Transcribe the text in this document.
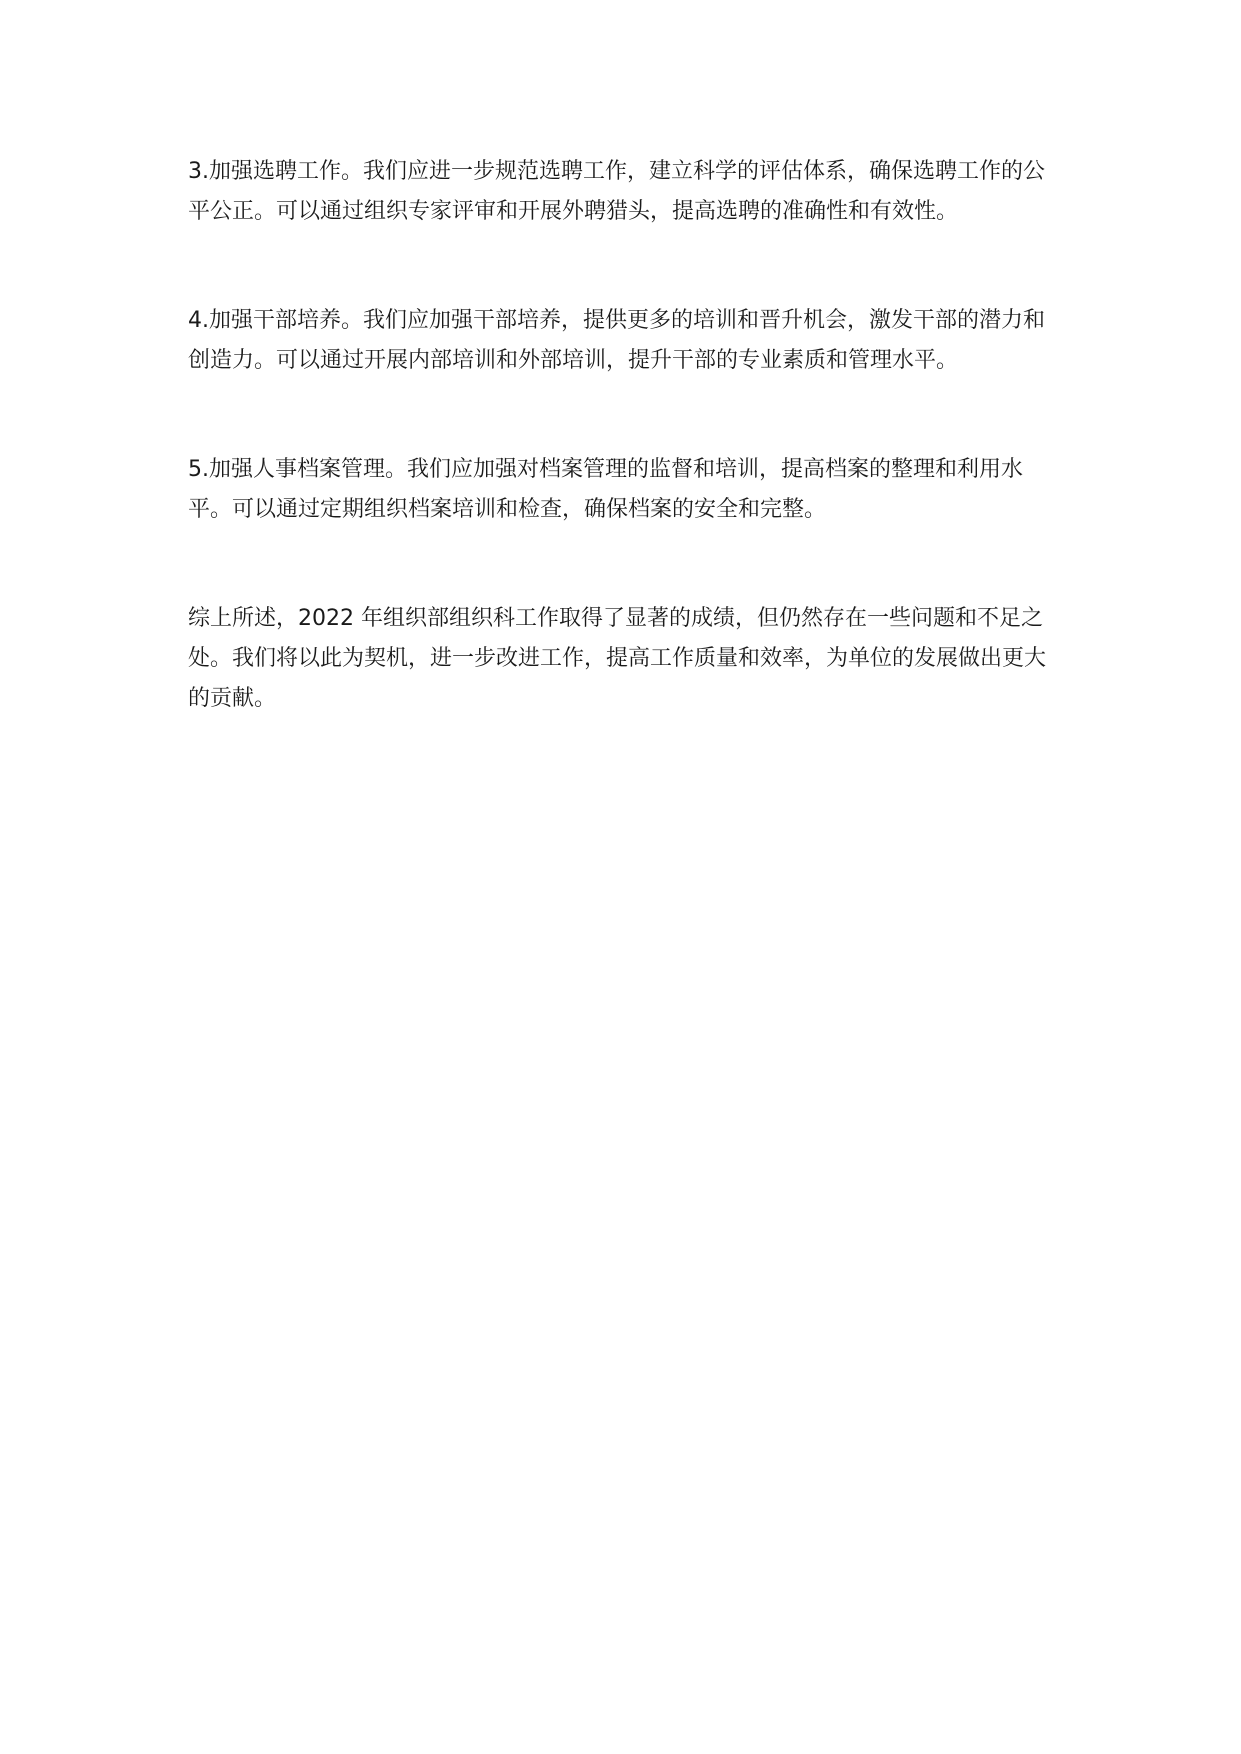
3.加强选聘工作。我们应进一步规范选聘工作，建立科学的评估体系，确保选聘工作的公平公正。可以通过组织专家评审和开展外聘猎头，提高选聘的准确性和有效性。

4.加强干部培养。我们应加强干部培养，提供更多的培训和晋升机会，激发干部的潜力和创造力。可以通过开展内部培训和外部培训，提升干部的专业素质和管理水平。

5.加强人事档案管理。我们应加强对档案管理的监督和培训，提高档案的整理和利用水平。可以通过定期组织档案培训和检查，确保档案的安全和完整。

综上所述，2022 年组织部组织科工作取得了显著的成绩，但仍然存在一些问题和不足之处。我们将以此为契机，进一步改进工作，提高工作质量和效率，为单位的发展做出更大的贡献。
